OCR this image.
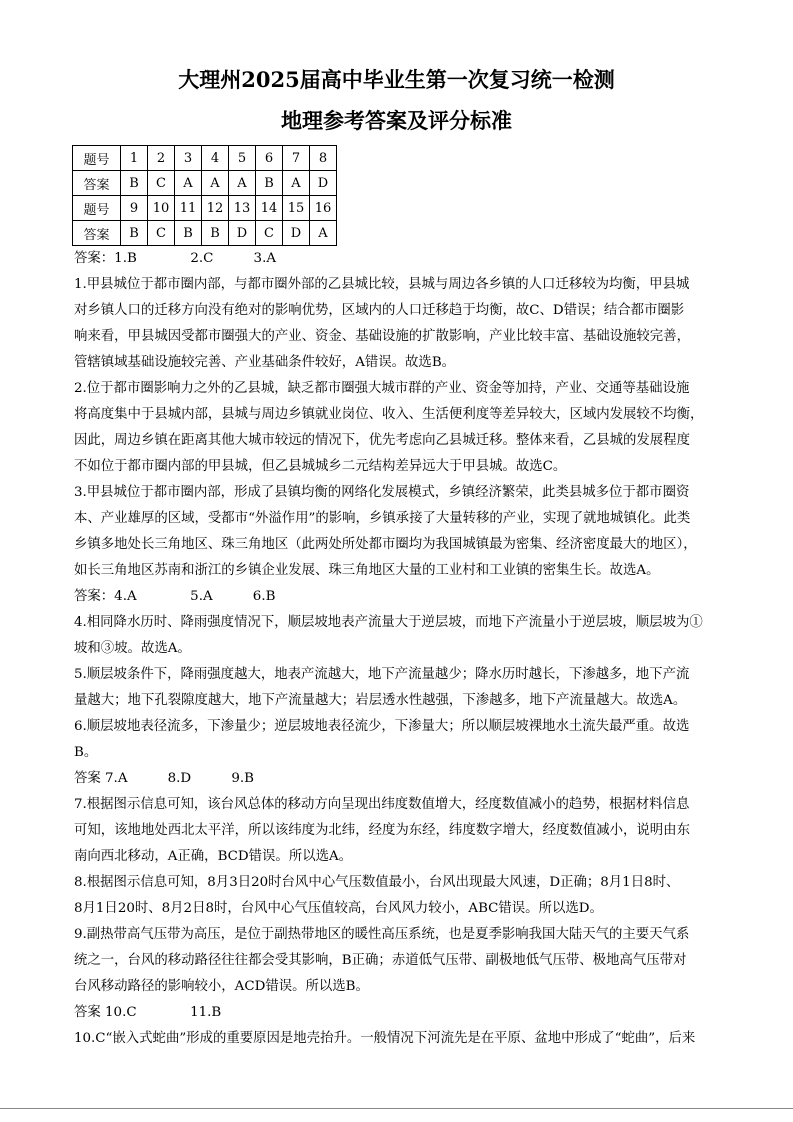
大理州2025届高中毕业生第一次复习统一检测
地理参考答案及评分标准
题号	1	2	3	4	5	6	7	8
答案	B	C	A	A	A	B	A	D
题号	9	10	11	12	13	14	15	16
答案	B	C	B	B	D	C	D	A
答案：1.B　　　　2.C　　　3.A
1.甲县城位于都市圈内部，与都市圈外部的乙县城比较，县城与周边各乡镇的人口迁移较为均衡，甲县城
对乡镇人口的迁移方向没有绝对的影响优势，区域内的人口迁移趋于均衡，故C、D错误；结合都市圈影
响来看，甲县城因受都市圈强大的产业、资金、基础设施的扩散影响，产业比较丰富、基础设施较完善，
管辖镇域基础设施较完善、产业基础条件较好，A错误。故选B。
2.位于都市圈影响力之外的乙县城，缺乏都市圈强大城市群的产业、资金等加持，产业、交通等基础设施
将高度集中于县城内部，县城与周边乡镇就业岗位、收入、生活便利度等差异较大，区域内发展较不均衡，
因此，周边乡镇在距离其他大城市较远的情况下，优先考虑向乙县城迁移。整体来看，乙县城的发展程度
不如位于都市圈内部的甲县城，但乙县城城乡二元结构差异远大于甲县城。故选C。
3.甲县城位于都市圈内部，形成了县镇均衡的网络化发展模式，乡镇经济繁荣，此类县城多位于都市圈资
本、产业雄厚的区域，受都市“外溢作用”的影响，乡镇承接了大量转移的产业，实现了就地城镇化。此类
乡镇多地处长三角地区、珠三角地区（此两处所处都市圈均为我国城镇最为密集、经济密度最大的地区），
如长三角地区苏南和浙江的乡镇企业发展、珠三角地区大量的工业村和工业镇的密集生长。故选A。
答案：4.A　　　　5.A　　　6.B
4.相同降水历时、降雨强度情况下，顺层坡地表产流量大于逆层坡，而地下产流量小于逆层坡，顺层坡为①
坡和③坡。故选A。
5.顺层坡条件下，降雨强度越大，地表产流越大，地下产流量越少；降水历时越长，下渗越多，地下产流
量越大；地下孔裂隙度越大，地下产流量越大；岩层透水性越强，下渗越多，地下产流量越大。故选A。
6.顺层坡地表径流多，下渗量少；逆层坡地表径流少，下渗量大；所以顺层坡裸地水土流失最严重。故选
B。
答案 7.A　　　8.D　　　9.B
7.根据图示信息可知，该台风总体的移动方向呈现出纬度数值增大，经度数值减小的趋势，根据材料信息
可知，该地地处西北太平洋，所以该纬度为北纬，经度为东经，纬度数字增大，经度数值减小，说明由东
南向西北移动，A正确，BCD错误。所以选A。
8.根据图示信息可知，8月3日20时台风中心气压数值最小，台风出现最大风速，D正确；8月1日8时、
8月1日20时、8月2日8时，台风中心气压值较高，台风风力较小，ABC错误。所以选D。
9.副热带高气压带为高压，是位于副热带地区的暖性高压系统，也是夏季影响我国大陆天气的主要天气系
统之一，台风的移动路径往往都会受其影响，B正确；赤道低气压带、副极地低气压带、极地高气压带对
台风移动路径的影响较小，ACD错误。所以选B。
答案 10.C　　　　11.B
10.C“嵌入式蛇曲”形成的重要原因是地壳抬升。一般情况下河流先是在平原、盆地中形成了“蛇曲”，后来
